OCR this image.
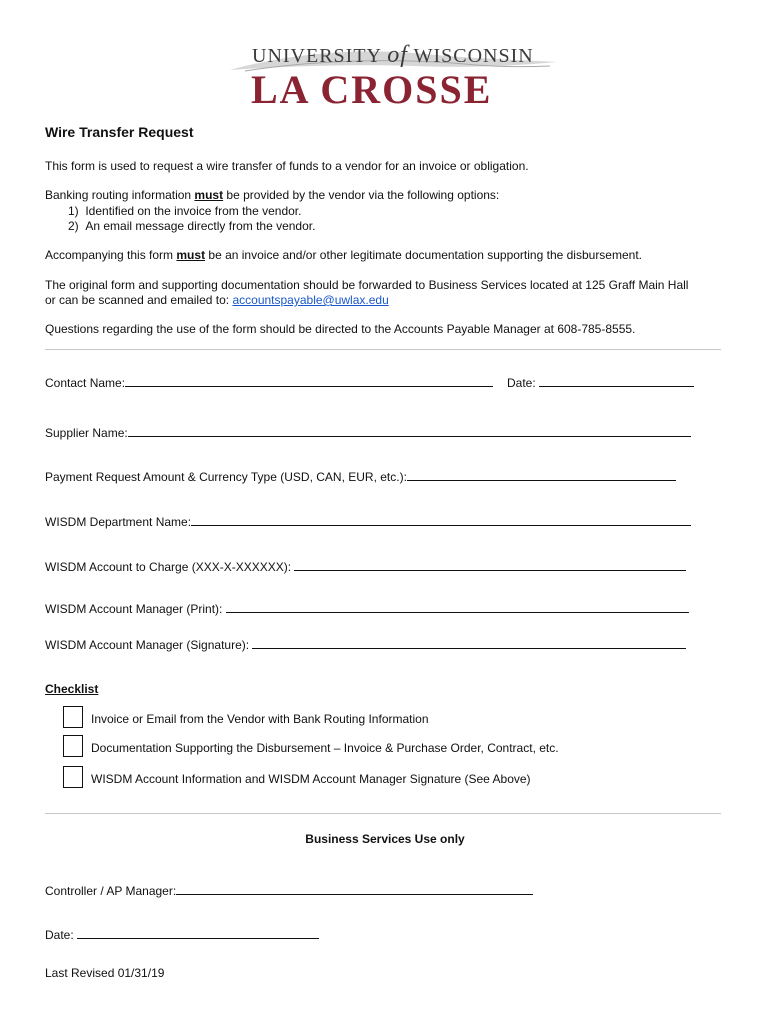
UNIVERSITY of WISCONSIN
LA CROSSE
Wire Transfer Request
This form is used to request a wire transfer of funds to a vendor for an invoice or obligation.
Banking routing information must be provided by the vendor via the following options:
1) Identified on the invoice from the vendor.
2) An email message directly from the vendor.
Accompanying this form must be an invoice and/or other legitimate documentation supporting the disbursement.
The original form and supporting documentation should be forwarded to Business Services located at 125 Graff Main Hall
or can be scanned and emailed to: accountspayable@uwlax.edu
Questions regarding the use of the form should be directed to the Accounts Payable Manager at 608-785-8555.
Contact Name:	Date:
Supplier Name:
Payment Request Amount & Currency Type (USD, CAN, EUR, etc.):
WISDM Department Name:
WISDM Account to Charge (XXX-X-XXXXXX):
WISDM Account Manager (Print):
WISDM Account Manager (Signature):
Checklist
Invoice or Email from the Vendor with Bank Routing Information
Documentation Supporting the Disbursement – Invoice & Purchase Order, Contract, etc.
WISDM Account Information and WISDM Account Manager Signature (See Above)
Business Services Use only
Controller / AP Manager:
Date:
Last Revised 01/31/19
